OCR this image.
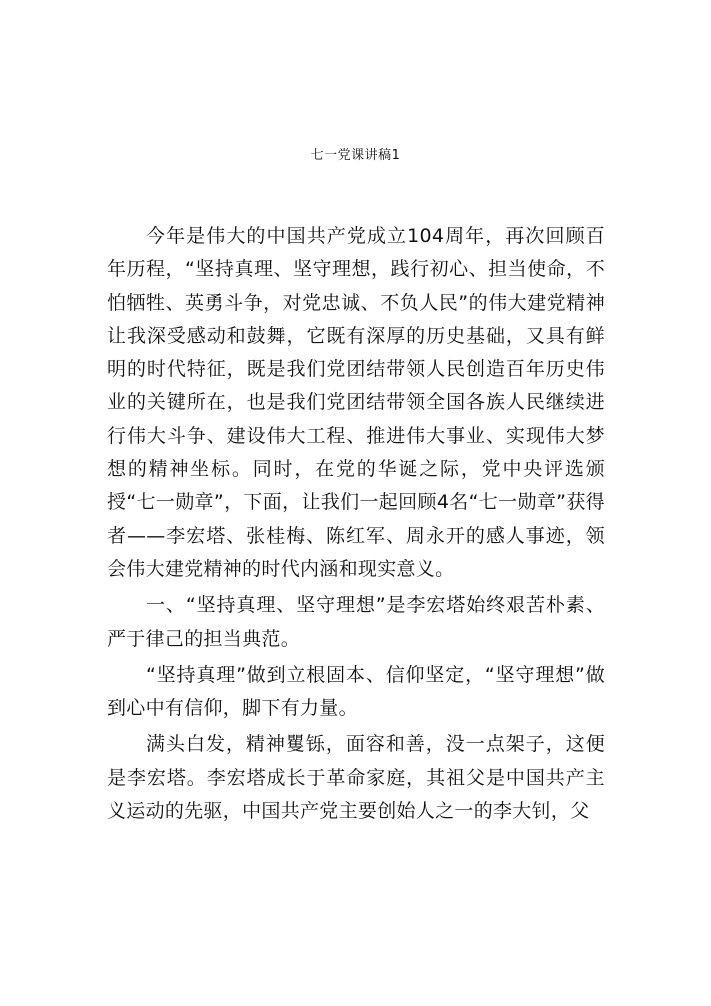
七一党课讲稿1

今年是伟大的中国共产党成立104周年，再次回顾百年历程，“坚持真理、坚守理想，践行初心、担当使命，不怕牺牲、英勇斗争，对党忠诚、不负人民”的伟大建党精神让我深受感动和鼓舞，它既有深厚的历史基础，又具有鲜明的时代特征，既是我们党团结带领人民创造百年历史伟业的关键所在，也是我们党团结带领全国各族人民继续进行伟大斗争、建设伟大工程、推进伟大事业、实现伟大梦想的精神坐标。同时，在党的华诞之际，党中央评选颁授“七一勋章”，下面，让我们一起回顾4名“七一勋章”获得者——李宏塔、张桂梅、陈红军、周永开的感人事迹，领会伟大建党精神的时代内涵和现实意义。

一、“坚持真理、坚守理想”是李宏塔始终艰苦朴素、严于律己的担当典范。

“坚持真理”做到立根固本、信仰坚定，“坚守理想”做到心中有信仰，脚下有力量。

满头白发，精神矍铄，面容和善，没一点架子，这便是李宏塔。李宏塔成长于革命家庭，其祖父是中国共产主义运动的先驱，中国共产党主要创始人之一的李大钊，父
